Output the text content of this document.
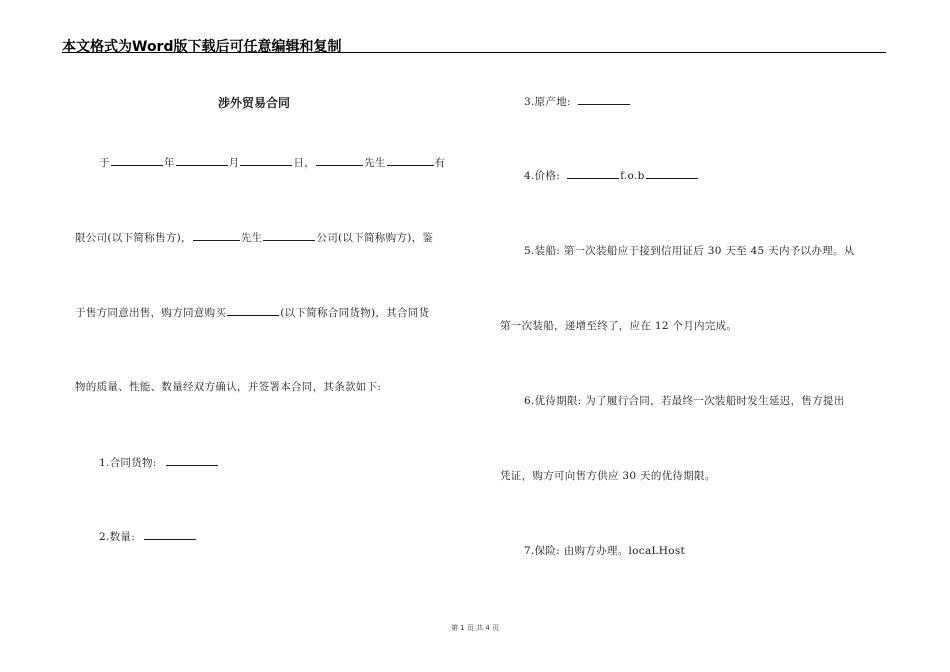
本文格式为Word版下载后可任意编辑和复制
涉外贸易合同
于	年	月	日，	先生	有
限公司(以下简称售方)，	先生	公司(以下简称购方)，鉴
于售方同意出售，购方同意购买	(以下简称合同货物)，其合同货
物的质量、性能、数量经双方确认，并签署本合同，其条款如下:
1.合同货物:
2.数量:
3.原产地:
4.价格:	f.o.b
5.装船: 第一次装船应于接到信用证后 30 天至 45 天内予以办理。从
第一次装船，递增至终了，应在 12 个月内完成。
6.优待期限: 为了履行合同，若最终一次装船时发生延迟，售方提出
凭证，购方可向售方供应 30 天的优待期限。
7.保险: 由购方办理。locaLHost
第 1 页 共 4 页
